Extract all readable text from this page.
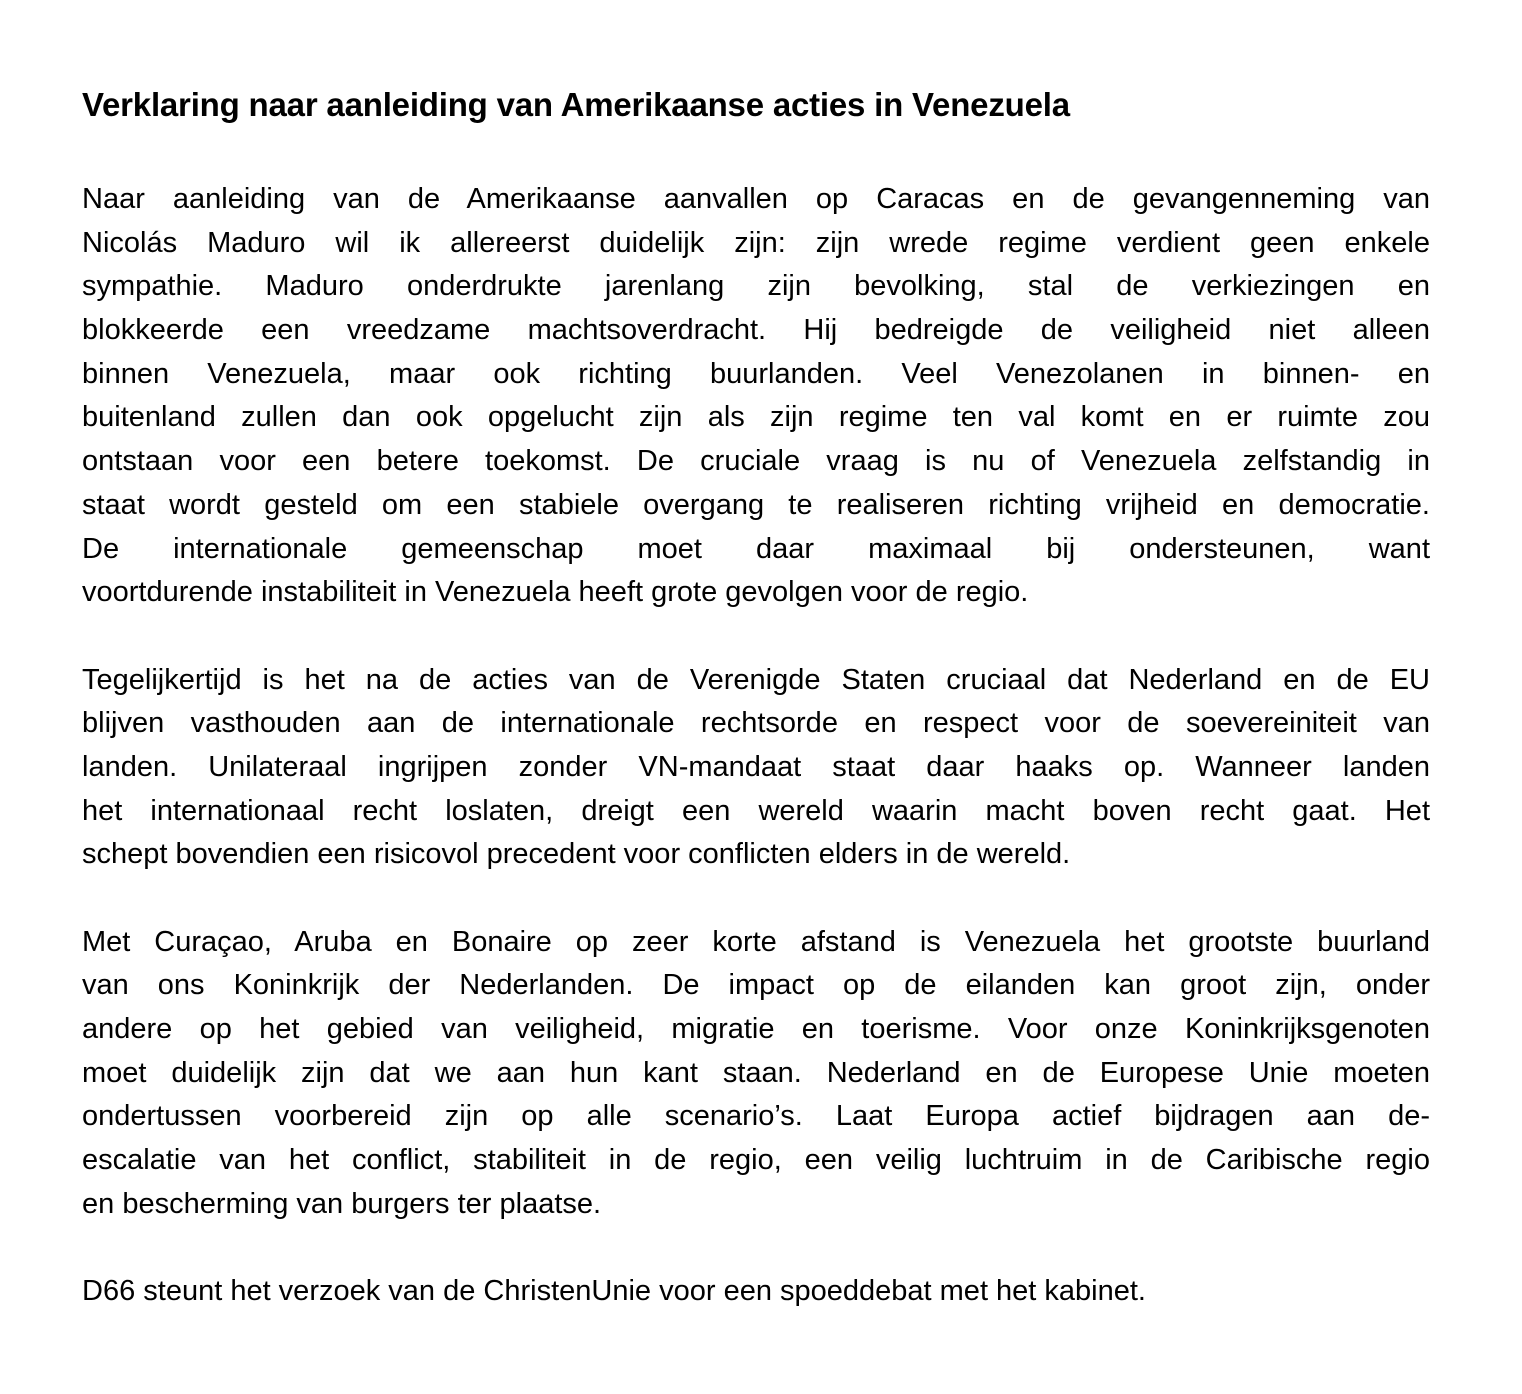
Verklaring naar aanleiding van Amerikaanse acties in Venezuela
Naar aanleiding van de Amerikaanse aanvallen op Caracas en de gevangenneming van
Nicolás Maduro wil ik allereerst duidelijk zijn: zijn wrede regime verdient geen enkele
sympathie. Maduro onderdrukte jarenlang zijn bevolking, stal de verkiezingen en
blokkeerde een vreedzame machtsoverdracht. Hij bedreigde de veiligheid niet alleen
binnen Venezuela, maar ook richting buurlanden. Veel Venezolanen in binnen- en
buitenland zullen dan ook opgelucht zijn als zijn regime ten val komt en er ruimte zou
ontstaan voor een betere toekomst. De cruciale vraag is nu of Venezuela zelfstandig in
staat wordt gesteld om een stabiele overgang te realiseren richting vrijheid en democratie.
De internationale gemeenschap moet daar maximaal bij ondersteunen, want
voortdurende instabiliteit in Venezuela heeft grote gevolgen voor de regio.
Tegelijkertijd is het na de acties van de Verenigde Staten cruciaal dat Nederland en de EU
blijven vasthouden aan de internationale rechtsorde en respect voor de soevereiniteit van
landen. Unilateraal ingrijpen zonder VN-mandaat staat daar haaks op. Wanneer landen
het internationaal recht loslaten, dreigt een wereld waarin macht boven recht gaat. Het
schept bovendien een risicovol precedent voor conflicten elders in de wereld.
Met Curaçao, Aruba en Bonaire op zeer korte afstand is Venezuela het grootste buurland
van ons Koninkrijk der Nederlanden. De impact op de eilanden kan groot zijn, onder
andere op het gebied van veiligheid, migratie en toerisme. Voor onze Koninkrijksgenoten
moet duidelijk zijn dat we aan hun kant staan. Nederland en de Europese Unie moeten
ondertussen voorbereid zijn op alle scenario’s. Laat Europa actief bijdragen aan de-
escalatie van het conflict, stabiliteit in de regio, een veilig luchtruim in de Caribische regio
en bescherming van burgers ter plaatse.
D66 steunt het verzoek van de ChristenUnie voor een spoeddebat met het kabinet.
